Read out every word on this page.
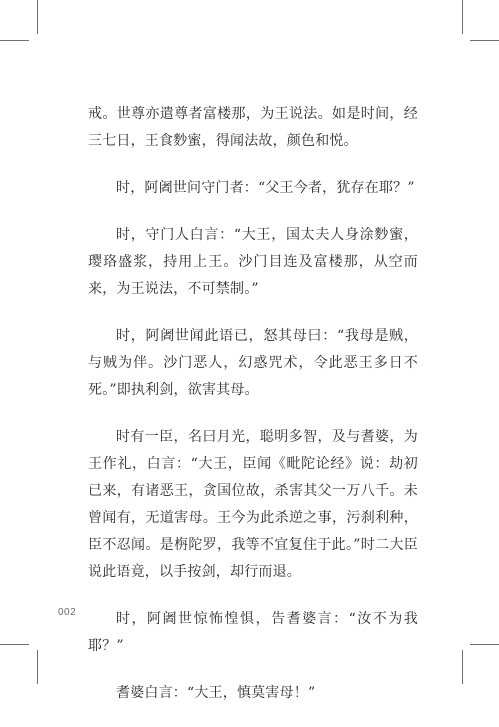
戒。世尊亦遣尊者富楼那，为王说法。如是时间，经三七日，王食麨蜜，得闻法故，颜色和悦。

时，阿阇世问守门者：“父王今者，犹存在耶？”

时，守门人白言：“大王，国太夫人身涂麨蜜，璎珞盛浆，持用上王。沙门目连及富楼那，从空而来，为王说法，不可禁制。”

时，阿阇世闻此语已，怒其母曰：“我母是贼，与贼为伴。沙门恶人，幻惑咒术，令此恶王多日不死。”即执利剑，欲害其母。

时有一臣，名曰月光，聪明多智，及与耆婆，为王作礼，白言：“大王，臣闻《毗陀论经》说：劫初已来，有诸恶王，贪国位故，杀害其父一万八千。未曾闻有，无道害母。王今为此杀逆之事，污刹利种，臣不忍闻。是栴陀罗，我等不宜复住于此。”时二大臣说此语竟，以手按剑，却行而退。

时，阿阇世惊怖惶惧，告耆婆言：“汝不为我耶？”

耆婆白言：“大王，慎莫害母！”

002
